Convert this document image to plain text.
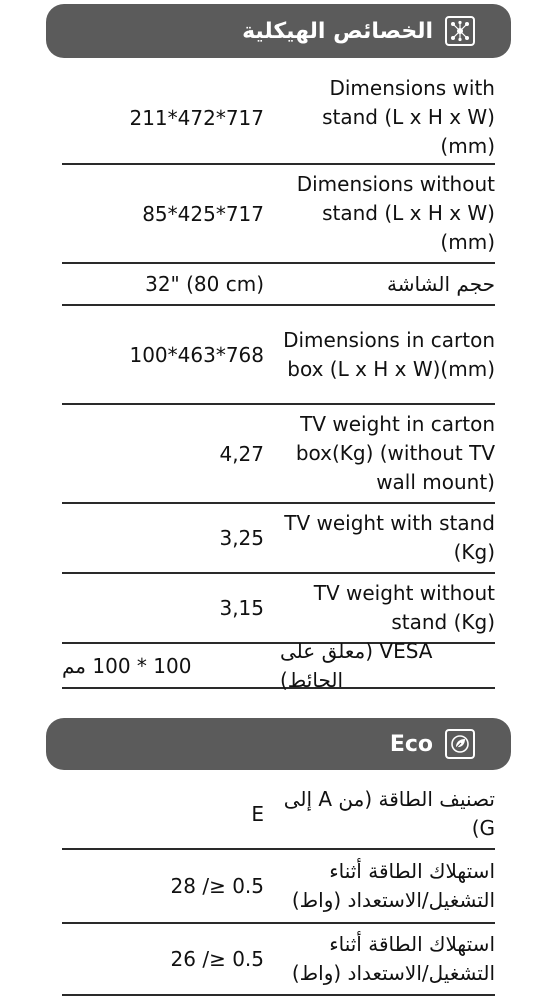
الخصائص الهيكلية
211*472*717
Dimensions with stand (L x H x W) (mm)
85*425*717
Dimensions without stand (L x H x W) (mm)
32" (80 cm)	حجم الشاشة
100*463*768
Dimensions in carton box (L x H x W)(mm)
4,27
TV weight in carton box(Kg) (without TV wall mount)
3,25
TV weight with stand (Kg)
3,15
TV weight without stand (Kg)
100 * 100 مم
VESA (معلق على الحائط)
Eco
E
تصنيف الطاقة (من A إلى G)
28 /≥ 0.5
استهلاك الطاقة أثناء التشغيل/الاستعداد (واط)
26 /≥ 0.5
استهلاك الطاقة أثناء التشغيل/الاستعداد (واط)
